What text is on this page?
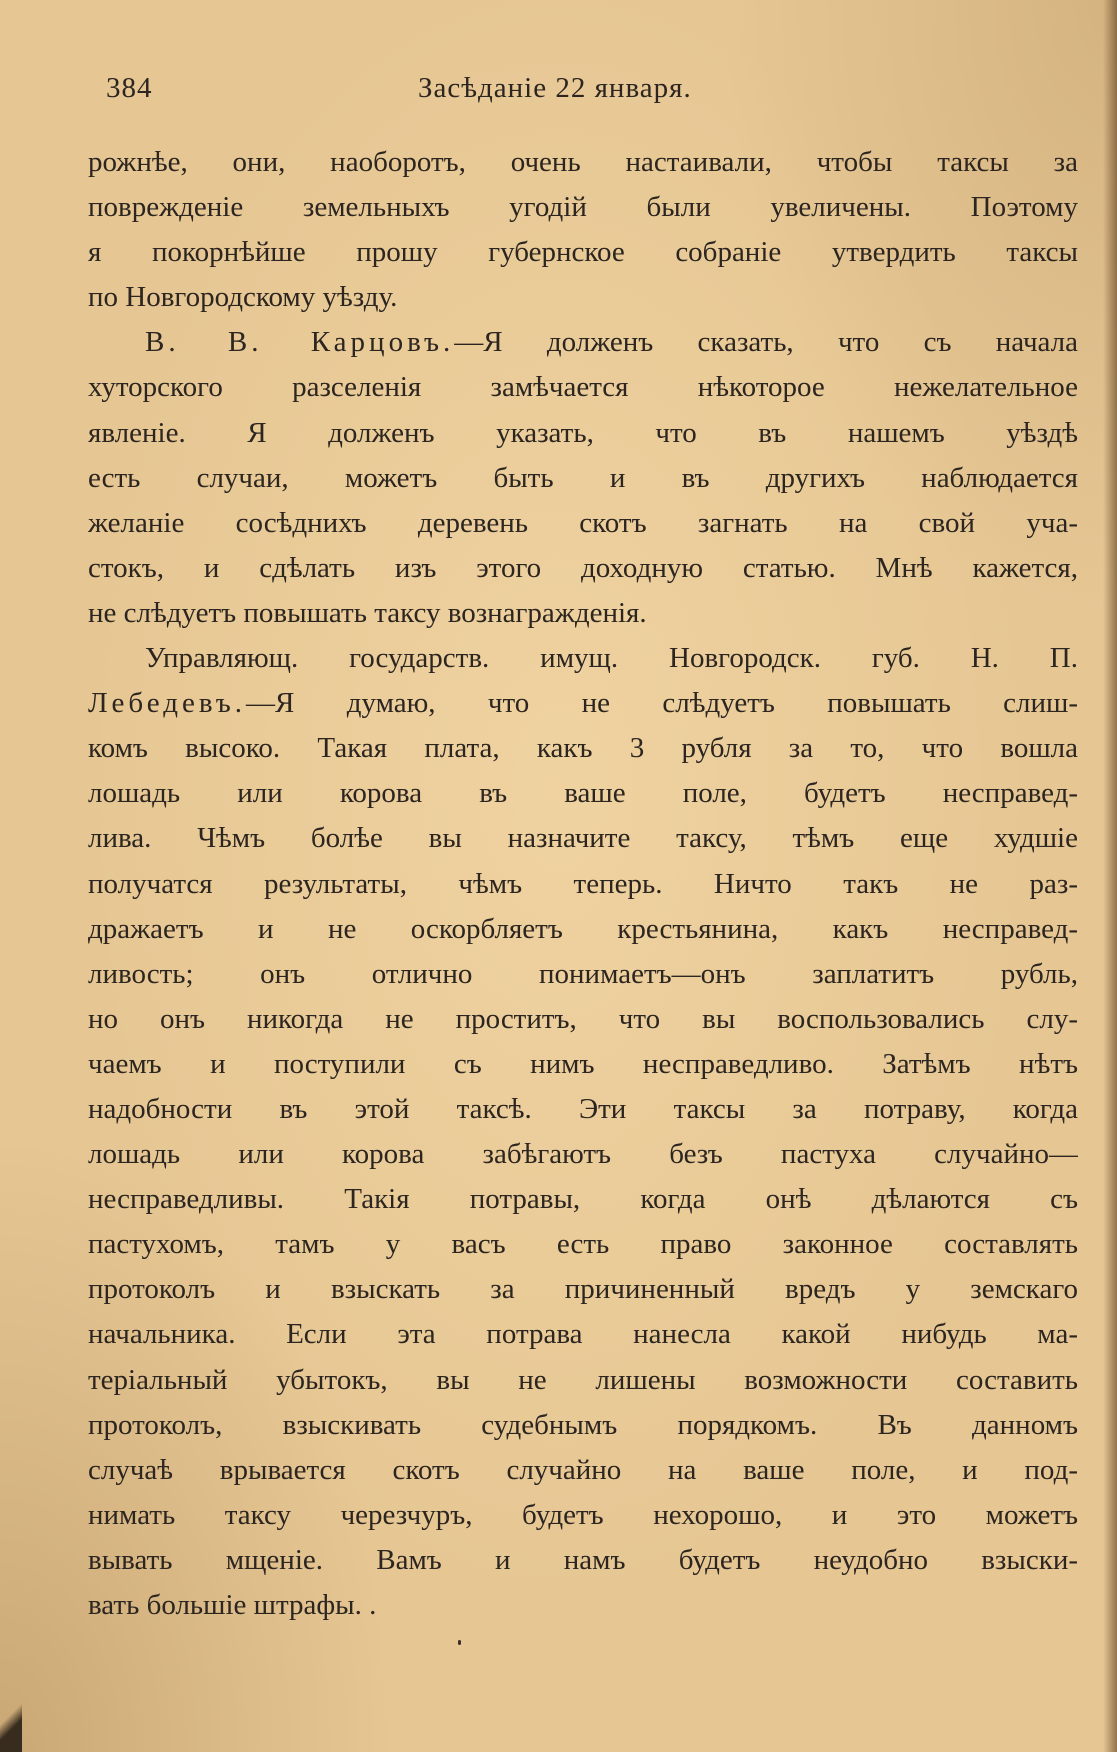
384	Засѣданіе 22 января.
рожнѣе, они, наоборотъ, очень настаивали, чтобы таксы за
поврежденіе земельныхъ угодій были увеличены. Поэтому
я покорнѣйше прошу губернское собраніе утвердить таксы
по Новгородскому уѣзду.
В. В. Карцовъ.—Я долженъ сказать, что съ начала
хуторского разселенія замѣчается нѣкоторое нежелательное
явленіе. Я долженъ указать, что въ нашемъ уѣздѣ
есть случаи, можетъ быть и въ другихъ наблюдается
желаніе сосѣднихъ деревень скотъ загнать на свой уча-
стокъ, и сдѣлать изъ этого доходную статью. Мнѣ кажется,
не слѣдуетъ повышать таксу вознагражденія.
Управляющ. государств. имущ. Новгородск. губ. Н. П.
Лебедевъ.—Я думаю, что не слѣдуетъ повышать слиш-
комъ высоко. Такая плата, какъ 3 рубля за то, что вошла
лошадь или корова въ ваше поле, будетъ несправед-
лива. Чѣмъ болѣе вы назначите таксу, тѣмъ еще худшіе
получатся результаты, чѣмъ теперь. Ничто такъ не раз-
дражаетъ и не оскорбляетъ крестьянина, какъ несправед-
ливость; онъ отлично понимаетъ—онъ заплатитъ рубль,
но онъ никогда не проститъ, что вы воспользовались слу-
чаемъ и поступили съ нимъ несправедливо. Затѣмъ нѣтъ
надобности въ этой таксѣ. Эти таксы за потраву, когда
лошадь или корова забѣгаютъ безъ пастуха случайно—
несправедливы. Такія потравы, когда онѣ дѣлаются съ
пастухомъ, тамъ у васъ есть право законное составлять
протоколъ и взыскать за причиненный вредъ у земскаго
начальника. Если эта потрава нанесла какой нибудь ма-
теріальный убытокъ, вы не лишены возможности составить
протоколъ, взыскивать судебнымъ порядкомъ. Въ данномъ
случаѣ врывается скотъ случайно на ваше поле, и под-
нимать таксу черезчуръ, будетъ нехорошо, и это можетъ
вывать мщеніе. Вамъ и намъ будетъ неудобно взыски-
вать большіе штрафы. .
